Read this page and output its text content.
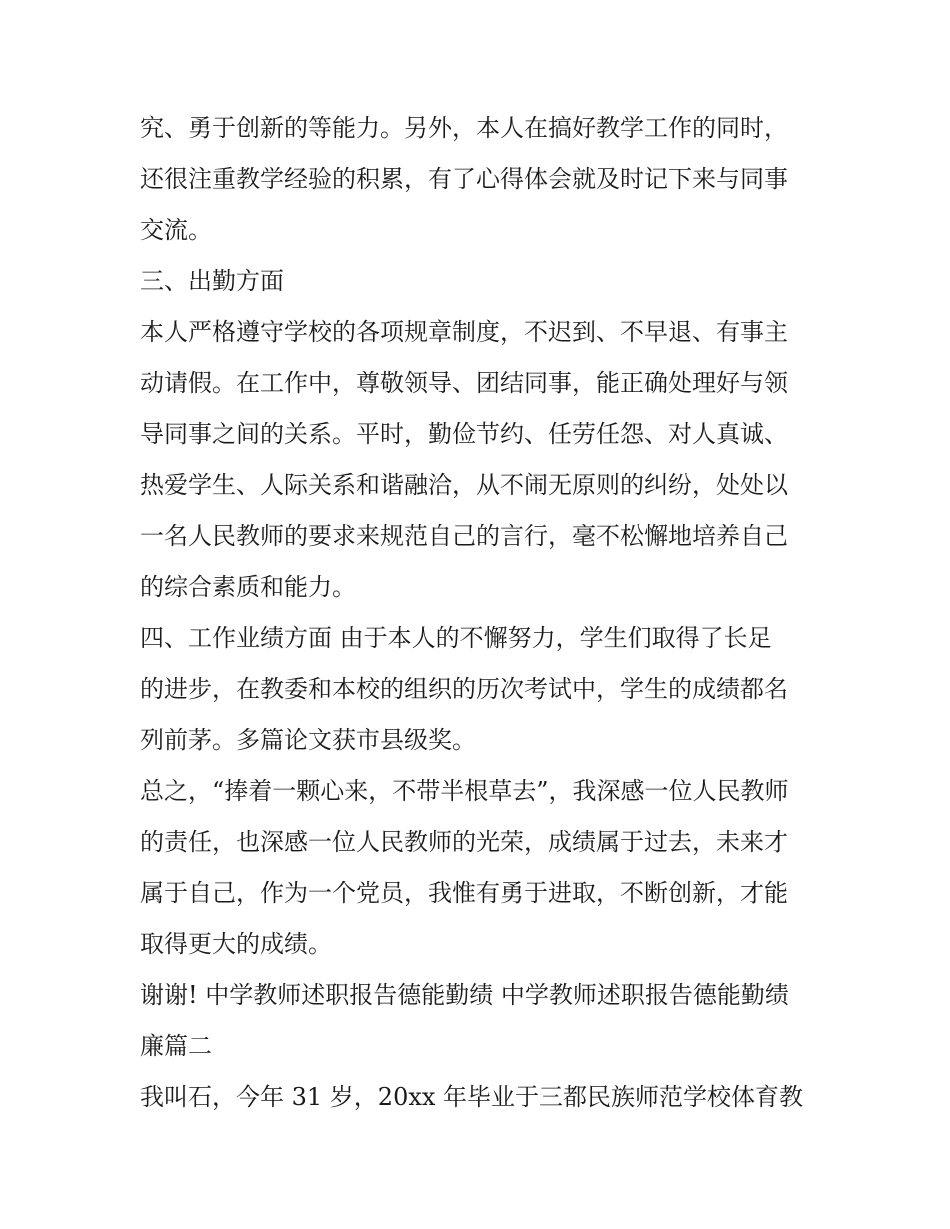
究、勇于创新的等能力。另外，本人在搞好教学工作的同时，
还很注重教学经验的积累，有了心得体会就及时记下来与同事
交流。
三、出勤方面
本人严格遵守学校的各项规章制度，不迟到、不早退、有事主
动请假。在工作中，尊敬领导、团结同事，能正确处理好与领
导同事之间的关系。平时，勤俭节约、任劳任怨、对人真诚、
热爱学生、人际关系和谐融洽，从不闹无原则的纠纷，处处以
一名人民教师的要求来规范自己的言行，毫不松懈地培养自己
的综合素质和能力。
四、工作业绩方面 由于本人的不懈努力，学生们取得了长足
的进步，在教委和本校的组织的历次考试中，学生的成绩都名
列前茅。多篇论文获市县级奖。
总之，“捧着一颗心来，不带半根草去”，我深感一位人民教师
的责任，也深感一位人民教师的光荣，成绩属于过去，未来才
属于自己，作为一个党员，我惟有勇于进取，不断创新，才能
取得更大的成绩。
谢谢! 中学教师述职报告德能勤绩 中学教师述职报告德能勤绩
廉篇二
我叫石，今年 31 岁，20xx 年毕业于三都民族师范学校体育教
